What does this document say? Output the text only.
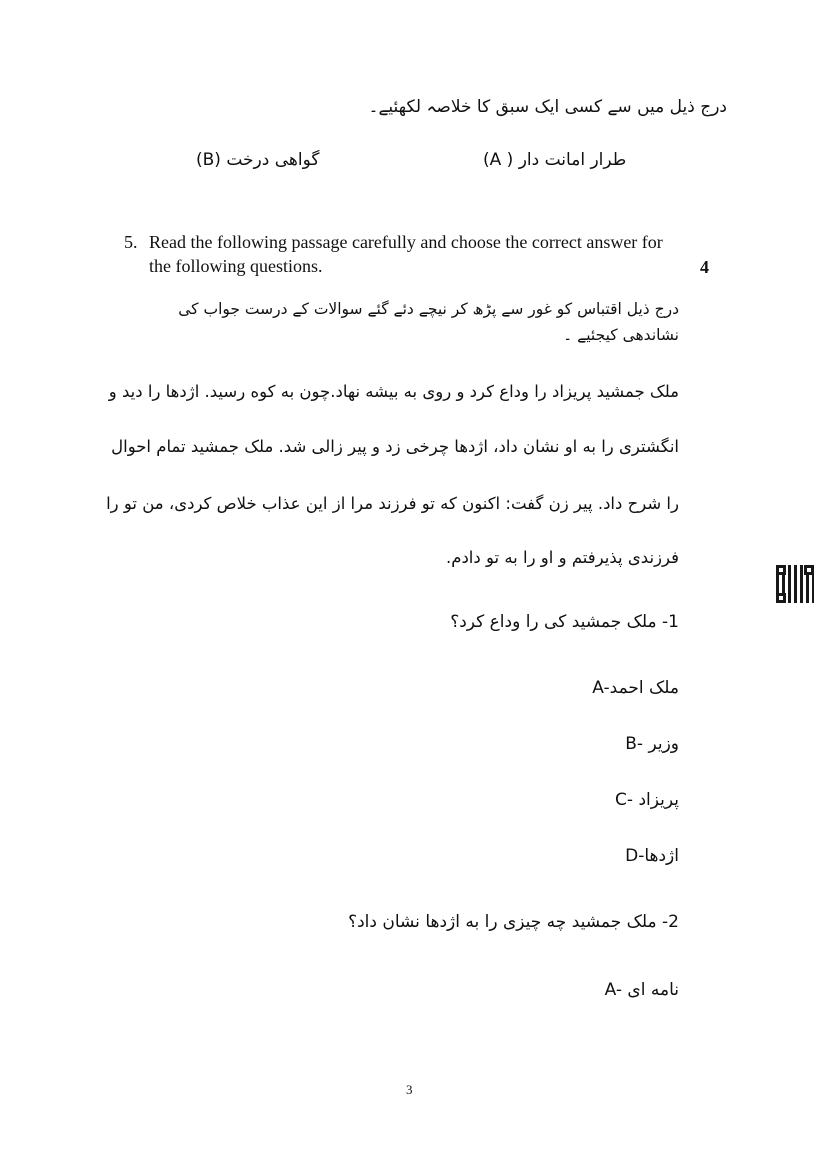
درج ذیل میں سے کسی ایک سبق کا خلاصہ لکھئیے۔
(A ) طرار امانت دار
(B) گواهی درخت
5. Read the following passage carefully and choose the correct answer for
the following questions.	4
درج ذیل اقتباس کو غور سے پڑھ کر نیچے دئے گئے سوالات کے درست جواب کی
نشاندھی کیجئیے ۔
ملک جمشید پریزاد را وداع کرد و روی به بیشه نهاد.چون به کوه رسید. اژدها را دید و
انگشتری را به او نشان داد، اژدها چرخی زد و پیر زالی شد. ملک جمشید تمام احوال
را شرح داد. پیر زن گفت: اکنون که تو فرزند مرا از این عذاب خلاص کردی، من تو را
فرزندی پذیرفتم و او را به تو دادم.
1- ملک جمشید کی را وداع کرد؟
A-ملک احمد
B- وزیر
C- پریزاد
D-اژدها
2- ملک جمشید چه چیزی را به اژدها نشان داد؟
A- نامه ای
3
